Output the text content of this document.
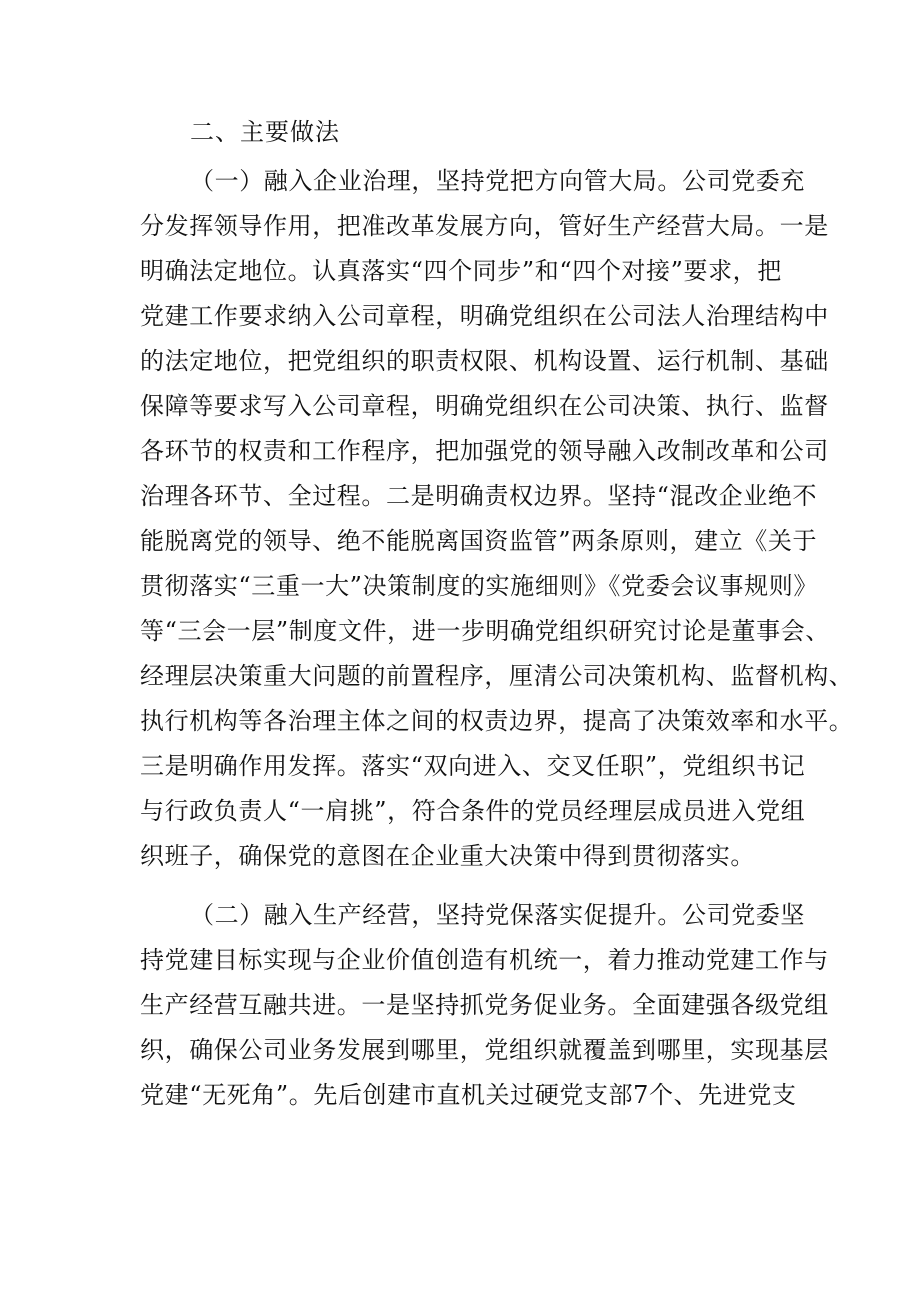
二、主要做法
（一）融入企业治理，坚持党把方向管大局。公司党委充
分发挥领导作用，把准改革发展方向，管好生产经营大局。一是
明确法定地位。认真落实“四个同步”和“四个对接”要求，把
党建工作要求纳入公司章程，明确党组织在公司法人治理结构中
的法定地位，把党组织的职责权限、机构设置、运行机制、基础
保障等要求写入公司章程，明确党组织在公司决策、执行、监督
各环节的权责和工作程序，把加强党的领导融入改制改革和公司
治理各环节、全过程。二是明确责权边界。坚持“混改企业绝不
能脱离党的领导、绝不能脱离国资监管”两条原则，建立《关于
贯彻落实“三重一大”决策制度的实施细则》《党委会议事规则》
等“三会一层”制度文件，进一步明确党组织研究讨论是董事会、
经理层决策重大问题的前置程序，厘清公司决策机构、监督机构、
执行机构等各治理主体之间的权责边界，提高了决策效率和水平。
三是明确作用发挥。落实“双向进入、交叉任职”，党组织书记
与行政负责人“一肩挑”，符合条件的党员经理层成员进入党组
织班子，确保党的意图在企业重大决策中得到贯彻落实。
（二）融入生产经营，坚持党保落实促提升。公司党委坚
持党建目标实现与企业价值创造有机统一，着力推动党建工作与
生产经营互融共进。一是坚持抓党务促业务。全面建强各级党组
织，确保公司业务发展到哪里，党组织就覆盖到哪里，实现基层
党建“无死角”。先后创建市直机关过硬党支部7个、先进党支
